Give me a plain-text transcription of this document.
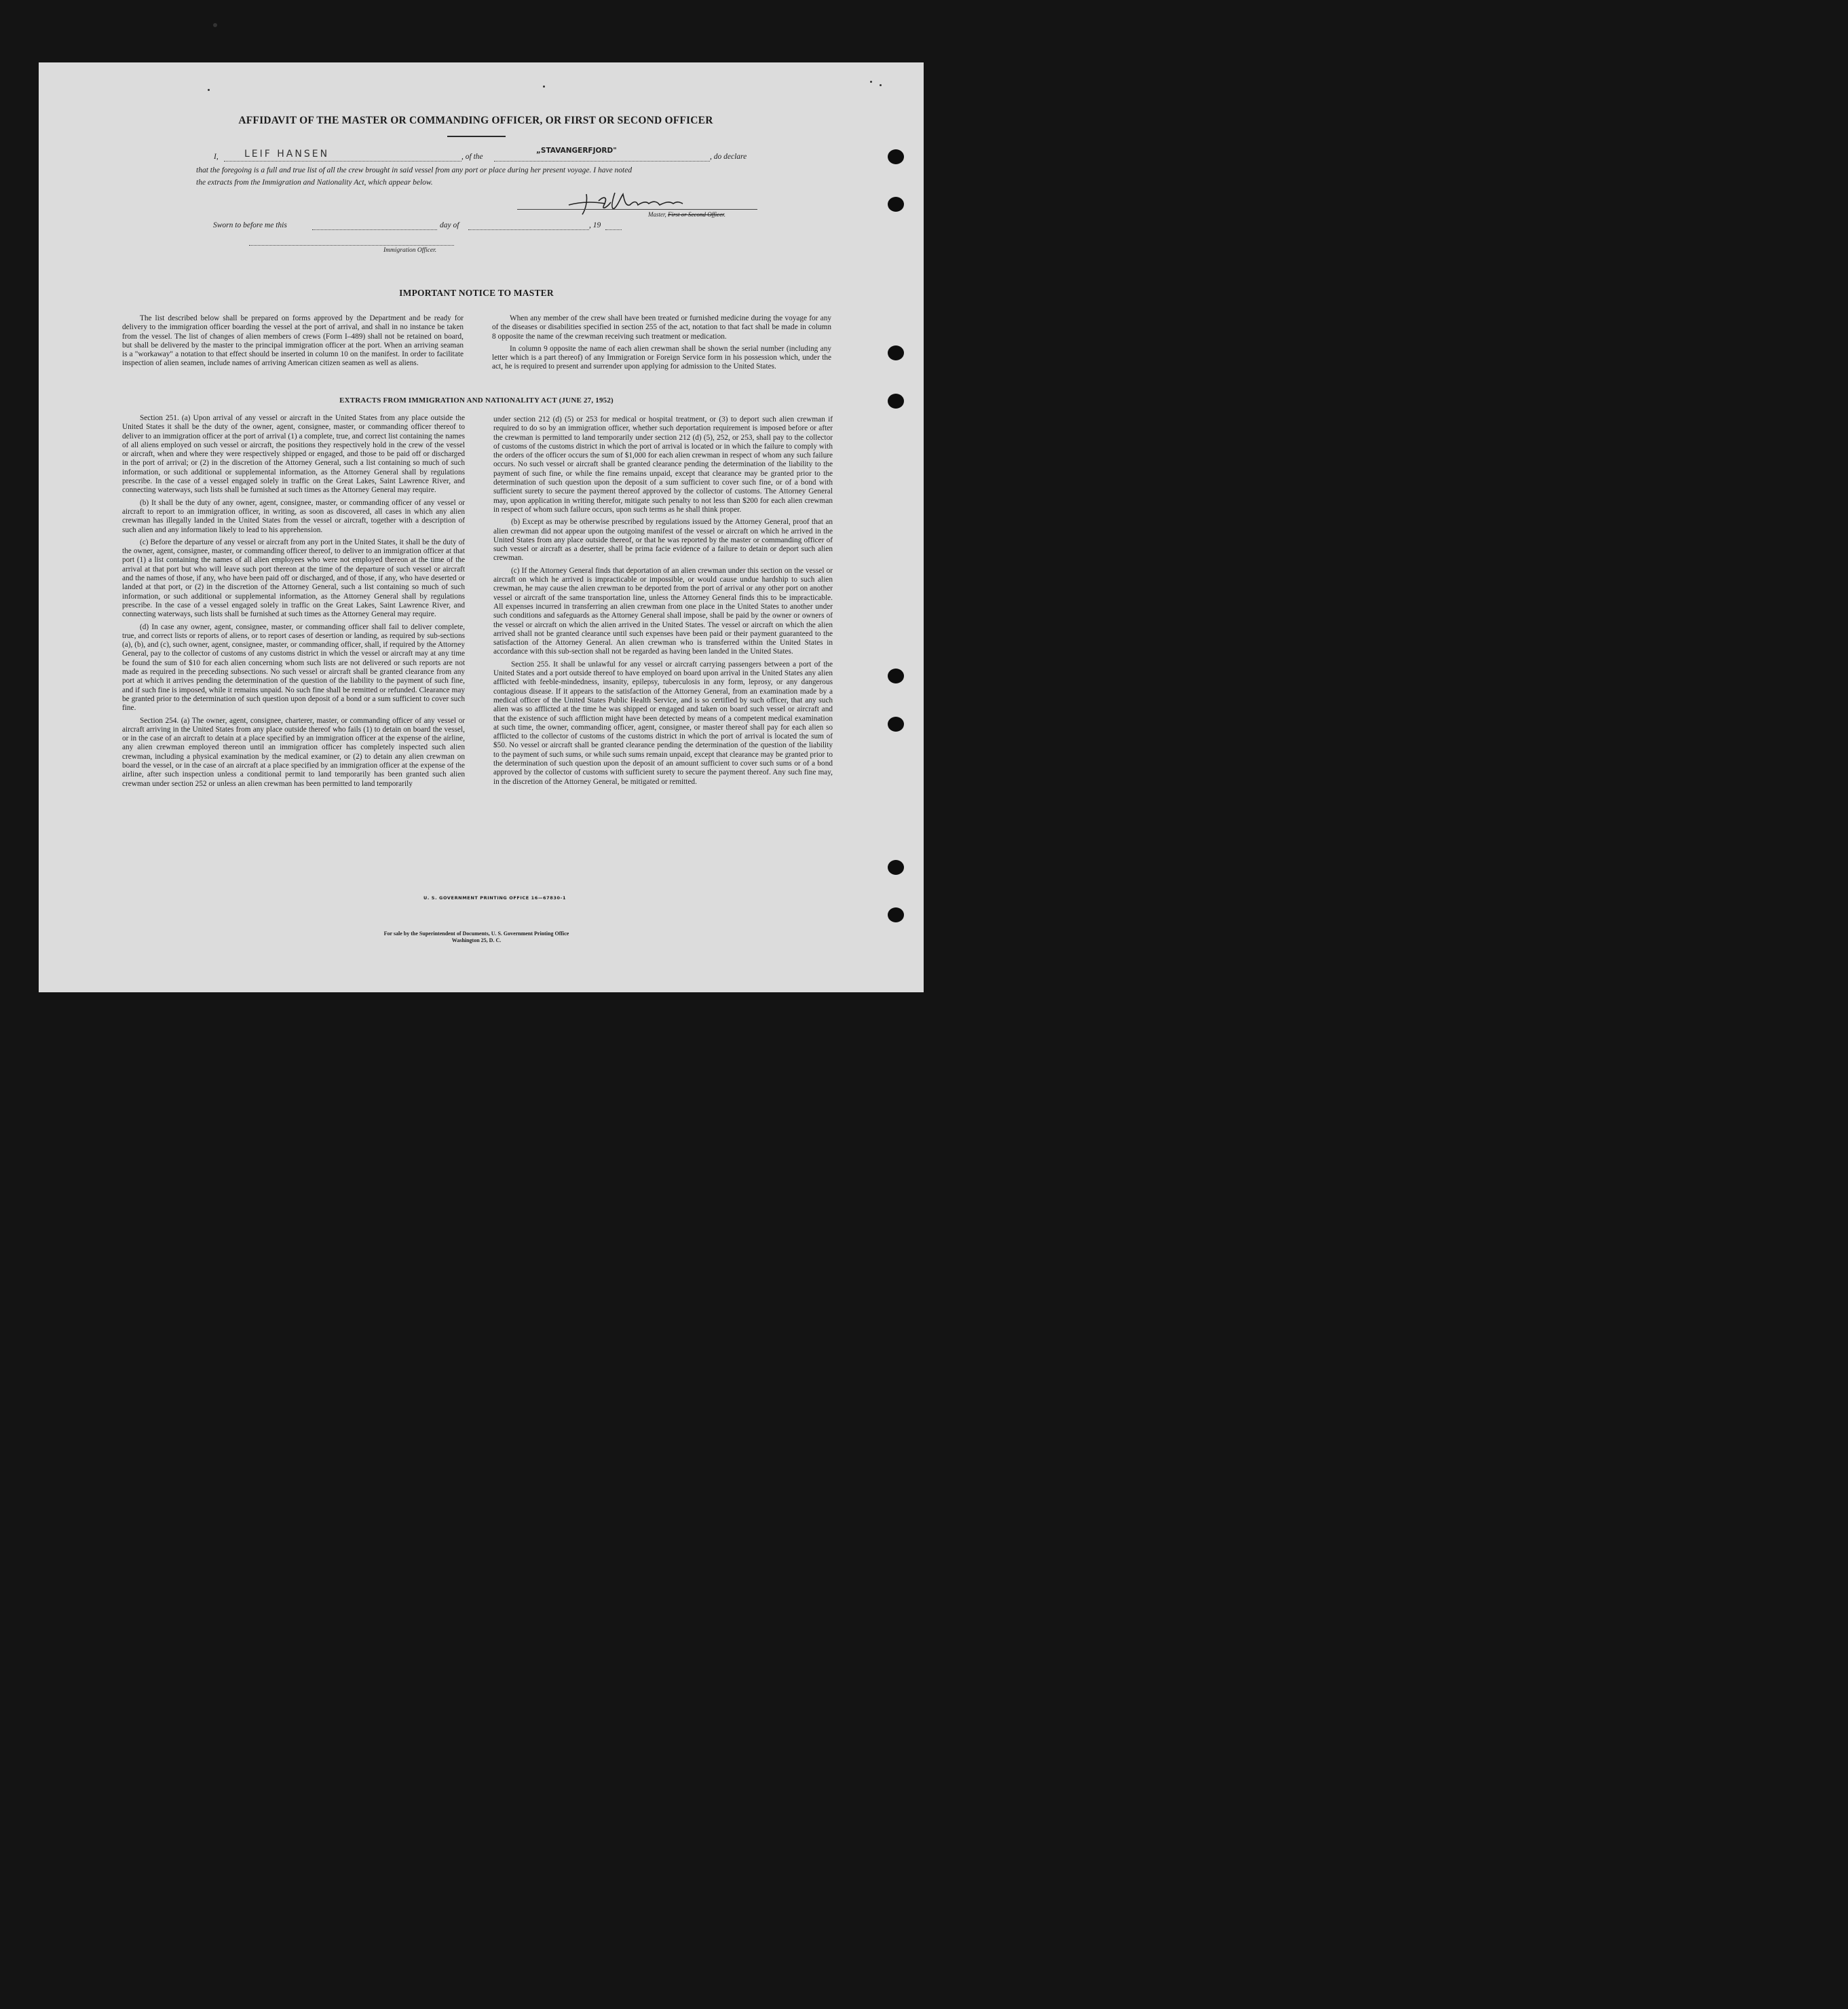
AFFIDAVIT OF THE MASTER OR COMMANDING OFFICER, OR FIRST OR SECOND OFFICER
I,	LEIF HANSEN	, of the
„STAVANGERFJORD"
, do declare
that the foregoing is a full and true list of all the crew brought in said vessel from any port or place during her present voyage. I have noted
the extracts from the Immigration and Nationality Act, which appear below.
Master, First or Second Officer.
Sworn to before me this	day of	, 19
Immigration Officer.
IMPORTANT NOTICE TO MASTER

The list described below shall be prepared on forms approved by the Department and be ready for delivery to the immigration officer boarding the vessel at the port of arrival, and shall in no instance be taken from the vessel. The list of changes of alien members of crews (Form I–489) shall not be retained on board, but shall be delivered by the master to the principal immigration officer at the port. When an arriving seaman is a "workaway" a notation to that effect should be inserted in column 10 on the manifest. In order to facilitate inspection of alien seamen, include names of arriving American citizen seamen as well as aliens.

When any member of the crew shall have been treated or furnished medicine during the voyage for any of the diseases or disabilities specified in section 255 of the act, notation to that fact shall be made in column 8 opposite the name of the crewman receiving such treatment or medication.

In column 9 opposite the name of each alien crewman shall be shown the serial number (including any letter which is a part thereof) of any Immigration or Foreign Service form in his possession which, under the act, he is required to present and surrender upon applying for admission to the United States.

EXTRACTS FROM IMMIGRATION AND NATIONALITY ACT (JUNE 27, 1952)

Section 251. (a) Upon arrival of any vessel or aircraft in the United States from any place outside the United States it shall be the duty of the owner, agent, consignee, master, or commanding officer thereof to deliver to an immigration officer at the port of arrival (1) a complete, true, and correct list containing the names of all aliens employed on such vessel or aircraft, the positions they respectively hold in the crew of the vessel or aircraft, when and where they were respectively shipped or engaged, and those to be paid off or discharged in the port of arrival; or (2) in the discretion of the Attorney General, such a list containing so much of such information, or such additional or supplemental information, as the Attorney General shall by regulations prescribe. In the case of a vessel engaged solely in traffic on the Great Lakes, Saint Lawrence River, and connecting waterways, such lists shall be furnished at such times as the Attorney General may require.

(b) It shall be the duty of any owner, agent, consignee, master, or commanding officer of any vessel or aircraft to report to an immigration officer, in writing, as soon as discovered, all cases in which any alien crewman has illegally landed in the United States from the vessel or aircraft, together with a description of such alien and any information likely to lead to his apprehension.

(c) Before the departure of any vessel or aircraft from any port in the United States, it shall be the duty of the owner, agent, consignee, master, or commanding officer thereof, to deliver to an immigration officer at that port (1) a list containing the names of all alien employees who were not employed thereon at the time of the arrival at that port but who will leave such port thereon at the time of the departure of such vessel or aircraft and the names of those, if any, who have been paid off or discharged, and of those, if any, who have deserted or landed at that port, or (2) in the discretion of the Attorney General, such a list containing so much of such information, or such additional or supplemental information, as the Attorney General shall by regulations prescribe. In the case of a vessel engaged solely in traffic on the Great Lakes, Saint Lawrence River, and connecting waterways, such lists shall be furnished at such times as the Attorney General may require.

(d) In case any owner, agent, consignee, master, or commanding officer shall fail to deliver complete, true, and correct lists or reports of aliens, or to report cases of desertion or landing, as required by sub-sections (a), (b), and (c), such owner, agent, consignee, master, or commanding officer, shall, if required by the Attorney General, pay to the collector of customs of any customs district in which the vessel or aircraft may at any time be found the sum of $10 for each alien concerning whom such lists are not delivered or such reports are not made as required in the preceding subsections. No such vessel or aircraft shall be granted clearance from any port at which it arrives pending the determination of the question of the liability to the payment of such fine, and if such fine is imposed, while it remains unpaid. No such fine shall be remitted or refunded. Clearance may be granted prior to the determination of such question upon deposit of a bond or a sum sufficient to cover such fine.

Section 254. (a) The owner, agent, consignee, charterer, master, or commanding officer of any vessel or aircraft arriving in the United States from any place outside thereof who fails (1) to detain on board the vessel, or in the case of an aircraft to detain at a place specified by an immigration officer at the expense of the airline, any alien crewman employed thereon until an immigration officer has completely inspected such alien crewman, including a physical examination by the medical examiner, or (2) to detain any alien crewman on board the vessel, or in the case of an aircraft at a place specified by an immigration officer at the expense of the airline, after such inspection unless a conditional permit to land temporarily has been granted such alien crewman under section 252 or unless an alien crewman has been permitted to land temporarily

under section 212 (d) (5) or 253 for medical or hospital treatment, or (3) to deport such alien crewman if required to do so by an immigration officer, whether such deportation requirement is imposed before or after the crewman is permitted to land temporarily under section 212 (d) (5), 252, or 253, shall pay to the collector of customs of the customs district in which the port of arrival is located or in which the failure to comply with the orders of the officer occurs the sum of $1,000 for each alien crewman in respect of whom any such failure occurs. No such vessel or aircraft shall be granted clearance pending the determination of the liability to the payment of such fine, or while the fine remains unpaid, except that clearance may be granted prior to the determination of such question upon the deposit of a sum sufficient to cover such fine, or of a bond with sufficient surety to secure the payment thereof approved by the collector of customs. The Attorney General may, upon application in writing therefor, mitigate such penalty to not less than $200 for each alien crewman in respect of whom such failure occurs, upon such terms as he shall think proper.

(b) Except as may be otherwise prescribed by regulations issued by the Attorney General, proof that an alien crewman did not appear upon the outgoing manifest of the vessel or aircraft on which he arrived in the United States from any place outside thereof, or that he was reported by the master or commanding officer of such vessel or aircraft as a deserter, shall be prima facie evidence of a failure to detain or deport such alien crewman.

(c) If the Attorney General finds that deportation of an alien crewman under this section on the vessel or aircraft on which he arrived is impracticable or impossible, or would cause undue hardship to such alien crewman, he may cause the alien crewman to be deported from the port of arrival or any other port on another vessel or aircraft of the same transportation line, unless the Attorney General finds this to be impracticable. All expenses incurred in transferring an alien crewman from one place in the United States to another under such conditions and safeguards as the Attorney General shall impose, shall be paid by the owner or owners of the vessel or aircraft on which the alien arrived in the United States. The vessel or aircraft on which the alien arrived shall not be granted clearance until such expenses have been paid or their payment guaranteed to the satisfaction of the Attorney General. An alien crewman who is transferred within the United States in accordance with this sub-section shall not be regarded as having been landed in the United States.

Section 255. It shall be unlawful for any vessel or aircraft carrying passengers between a port of the United States and a port outside thereof to have employed on board upon arrival in the United States any alien afflicted with feeble-mindedness, insanity, epilepsy, tuberculosis in any form, leprosy, or any dangerous contagious disease. If it appears to the satisfaction of the Attorney General, from an examination made by a medical officer of the United States Public Health Service, and is so certified by such officer, that any such alien was so afflicted at the time he was shipped or engaged and taken on board such vessel or aircraft and that the existence of such affliction might have been detected by means of a competent medical examination at such time, the owner, commanding officer, agent, consignee, or master thereof shall pay for each alien so afflicted to the collector of customs of the customs district in which the port of arrival is located the sum of $50. No vessel or aircraft shall be granted clearance pending the determination of the question of the liability to the payment of such sums, or while such sums remain unpaid, except that clearance may be granted prior to the determination of such question upon the deposit of an amount sufficient to cover such sums or of a bond approved by the collector of customs with sufficient surety to secure the payment thereof. Any such fine may, in the discretion of the Attorney General, be mitigated or remitted.

U. S. GOVERNMENT PRINTING OFFICE 16—67830-1
For sale by the Superintendent of Documents, U. S. Government Printing Office
Washington 25, D. C.
